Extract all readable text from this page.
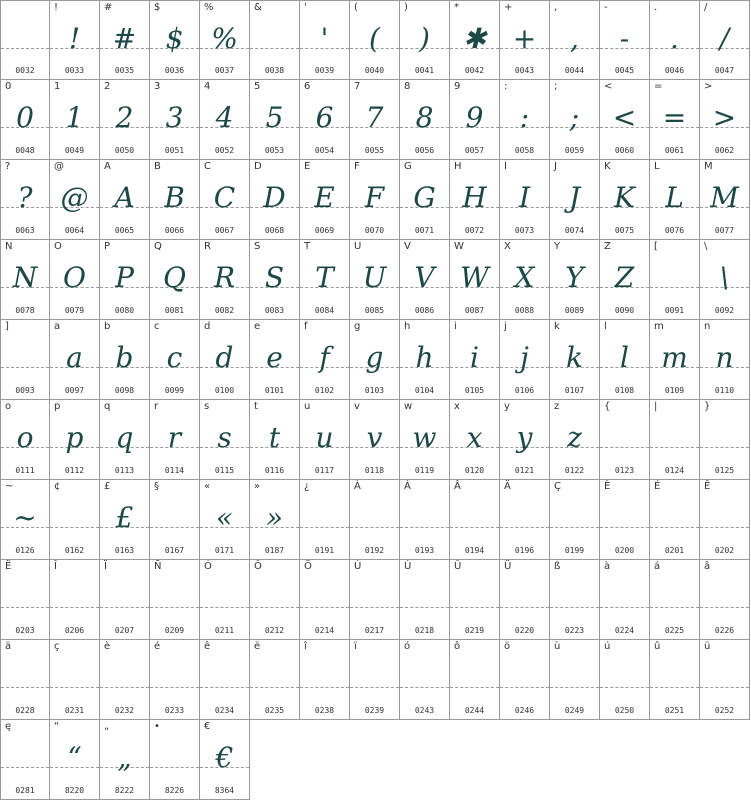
0032
!
!
0033
#
#
0035
$
$
0036
%
%
0037
&
0038
'
'
0039
(
(
0040
)
)
0041
*
✱
0042
+
+
0043
,
,
0044
-
-
0045
.
.
0046
/
/
0047
0
0
0048
1
1
0049
2
2
0050
3
3
0051
4
4
0052
5
5
0053
6
6
0054
7
7
0055
8
8
0056
9
9
0057
:
:
0058
;
;
0059
<
<
0060
=
=
0061
>
>
0062
?
?
0063
@
@
0064
A
A
0065
B
B
0066
C
C
0067
D
D
0068
E
E
0069
F
F
0070
G
G
0071
H
H
0072
I
I
0073
J
J
0074
K
K
0075
L
L
0076
M
M
0077
N
N
0078
O
O
0079
P
P
0080
Q
Q
0081
R
R
0082
S
S
0083
T
T
0084
U
U
0085
V
V
0086
W
W
0087
X
X
0088
Y
Y
0089
Z
Z
0090
[
0091
\
\
0092
]
0093
a
a
0097
b
b
0098
c
c
0099
d
d
0100
e
e
0101
f
f
0102
g
g
0103
h
h
0104
i
i
0105
j
j
0106
k
k
0107
l
l
0108
m
m
0109
n
n
0110
o
o
0111
p
p
0112
q
q
0113
r
r
0114
s
s
0115
t
t
0116
u
u
0117
v
v
0118
w
w
0119
x
x
0120
y
y
0121
z
z
0122
{
0123
|
0124
}
0125
~
~
0126
¢
0162
£
£
0163
§
0167
«
«
0171
»
»
0187
¿
0191
À
0192
Á
0193
Â
0194
Ä
0196
Ç
0199
È
0200
É
0201
Ê
0202
Ë
0203
Î
0206
Ï
0207
Ñ
0209
Ó
0211
Ô
0212
Ö
0214
Ù
0217
Ú
0218
Û
0219
Ü
0220
ß
0223
à
0224
á
0225
â
0226
ä
0228
ç
0231
è
0232
é
0233
ê
0234
ë
0235
î
0238
ï
0239
ó
0243
ô
0244
ö
0246
ù
0249
ú
0250
û
0251
ü
0252
ę
0281
“
“
8220
„
„
8222
•
8226
€
€
8364
